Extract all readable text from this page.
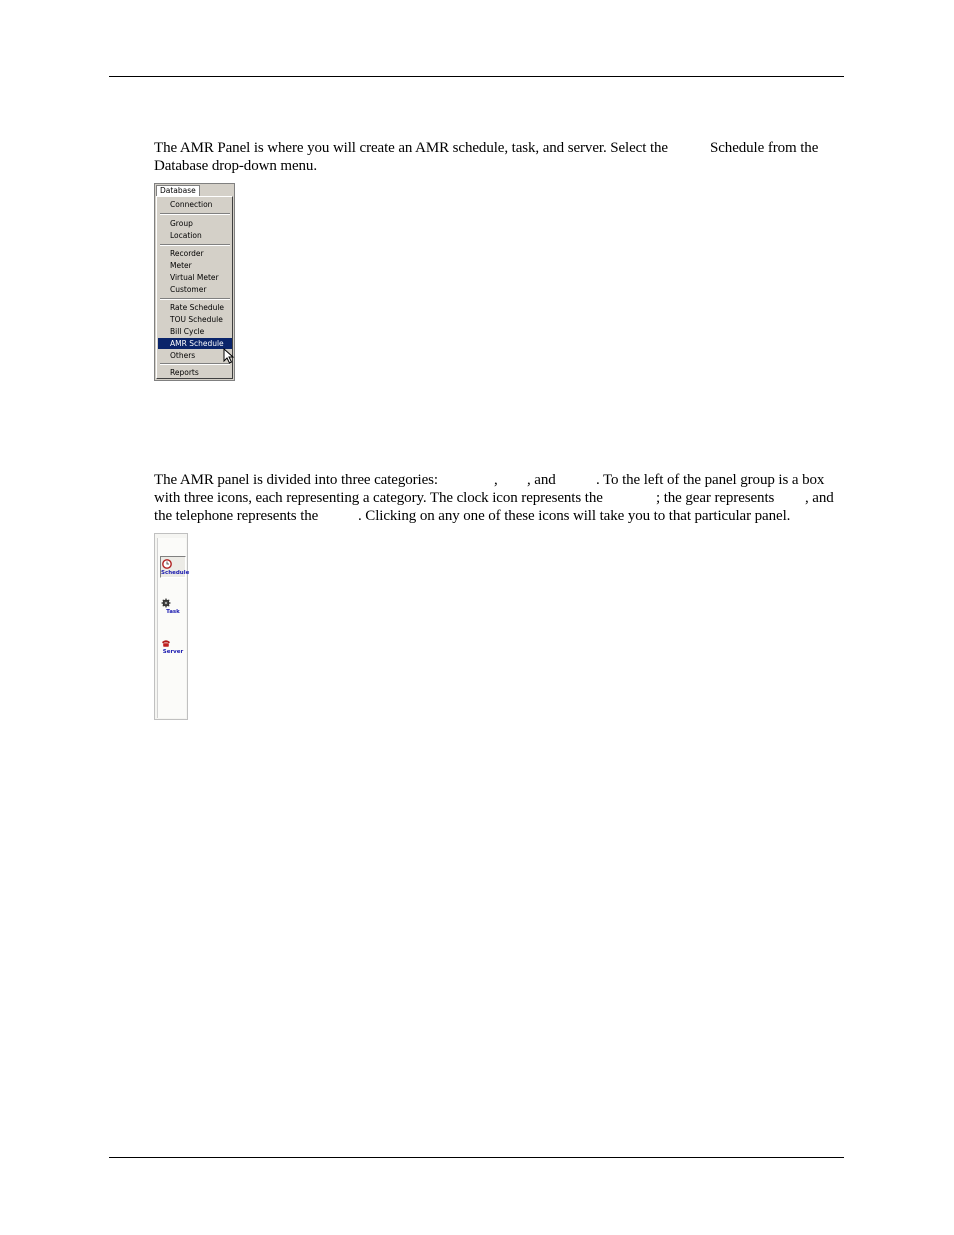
The AMR Panel is where you will create an AMR schedule, task, and server. Select the	Schedule from the
Database drop-down menu.

Database
Connection
Group
Location
Recorder
Meter
Virtual Meter
Customer
Rate Schedule
TOU Schedule
Bill Cycle
AMR Schedule
Others
Reports

The AMR panel is divided into three categories:	, , and	. To the left of the panel group is a box
with three icons, each representing a category. The clock icon represents the	; the gear represents , and
the telephone represents the	. Clicking on any one of these icons will take you to that particular panel.

Schedule
Task
Server
